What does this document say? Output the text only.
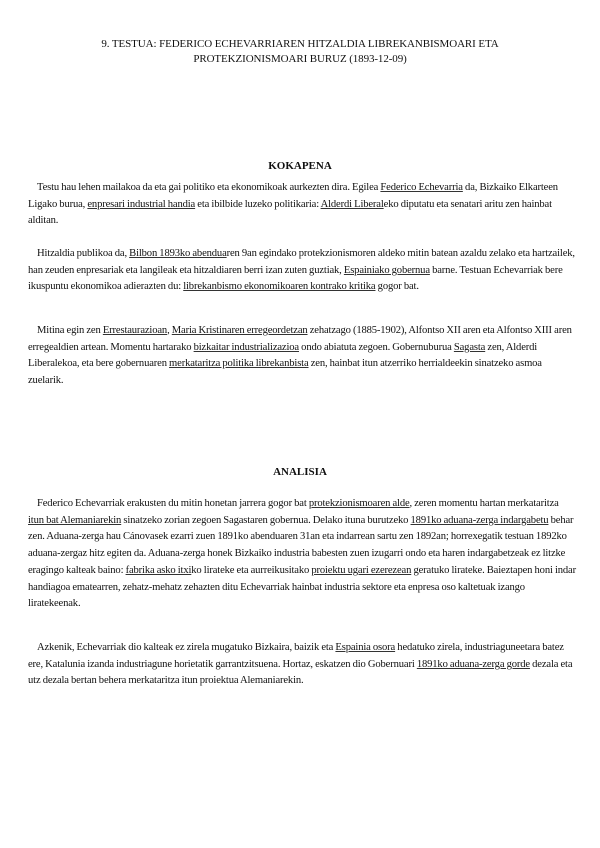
9. TESTUA: FEDERICO ECHEVARRIAREN HITZALDIA LIBREKANBISMOARI ETA
PROTEKZIONISMOARI BURUZ (1893-12-09)
KOKAPENA

Testu hau lehen mailakoa da eta gai politiko eta ekonomikoak aurkezten dira. Egilea Federico Echevarria da, Bizkaiko Elkarteen Ligako burua, enpresari industrial handia eta ibilbide luzeko politikaria: Alderdi Liberaleko diputatu eta senatari aritu zen hainbat alditan.

Hitzaldia publikoa da, Bilbon 1893ko abenduaren 9an egindako protekzionismoren aldeko mitin batean azaldu zelako eta hartzailek, han zeuden enpresariak eta langileak eta hitzaldiaren berri izan zuten guztiak, Espainiako gobernua barne. Testuan Echevarriak bere ikuspuntu ekonomikoa adierazten du: librekanbismo ekonomikoaren kontrako kritika gogor bat.

Mitina egin zen Errestaurazioan, Maria Kristinaren erregeordetzan zehatzago (1885-1902), Alfontso XII aren eta Alfontso XIII aren erregealdien artean. Momentu hartarako bizkaitar industrializazioa ondo abiatuta zegoen. Gobernuburua Sagasta zen, Alderdi Liberalekoa, eta bere gobernuaren merkataritza politika librekanbista zen, hainbat itun atzerriko herrialdeekin sinatzeko asmoa zuelarik.

ANALISIA

Federico Echevarriak erakusten du mitin honetan jarrera gogor bat protekzionismoaren alde, zeren momentu hartan merkataritza itun bat Alemaniarekin sinatzeko zorian zegoen Sagastaren gobernua. Delako ituna burutzeko 1891ko aduana-zerga indargabetu behar zen. Aduana-zerga hau Cánovasek ezarri zuen 1891ko abenduaren 31an eta indarrean sartu zen 1892an; horrexegatik testuan 1892ko aduana-zergaz hitz egiten da. Aduana-zerga honek Bizkaiko industria babesten zuen izugarri ondo eta haren indargabetzeak ez litzke eragingo kalteak baino: fabrika asko itxiko lirateke eta aurreikusitako proiektu ugari ezerezean geratuko lirateke. Baieztapen honi indar handiagoa ematearren, zehatz-mehatz zehazten ditu Echevarriak hainbat industria sektore eta enpresa oso kaltetuak izango liratekeenak.

Azkenik, Echevarriak dio kalteak ez zirela mugatuko Bizkaira, baizik eta Espainia osora hedatuko zirela, industriaguneetara batez ere, Katalunia izanda industriagune horietatik garrantzitsuena. Hortaz, eskatzen dio Gobernuari 1891ko aduana-zerga gorde dezala eta utz dezala bertan behera merkataritza itun proiektua Alemaniarekin.
